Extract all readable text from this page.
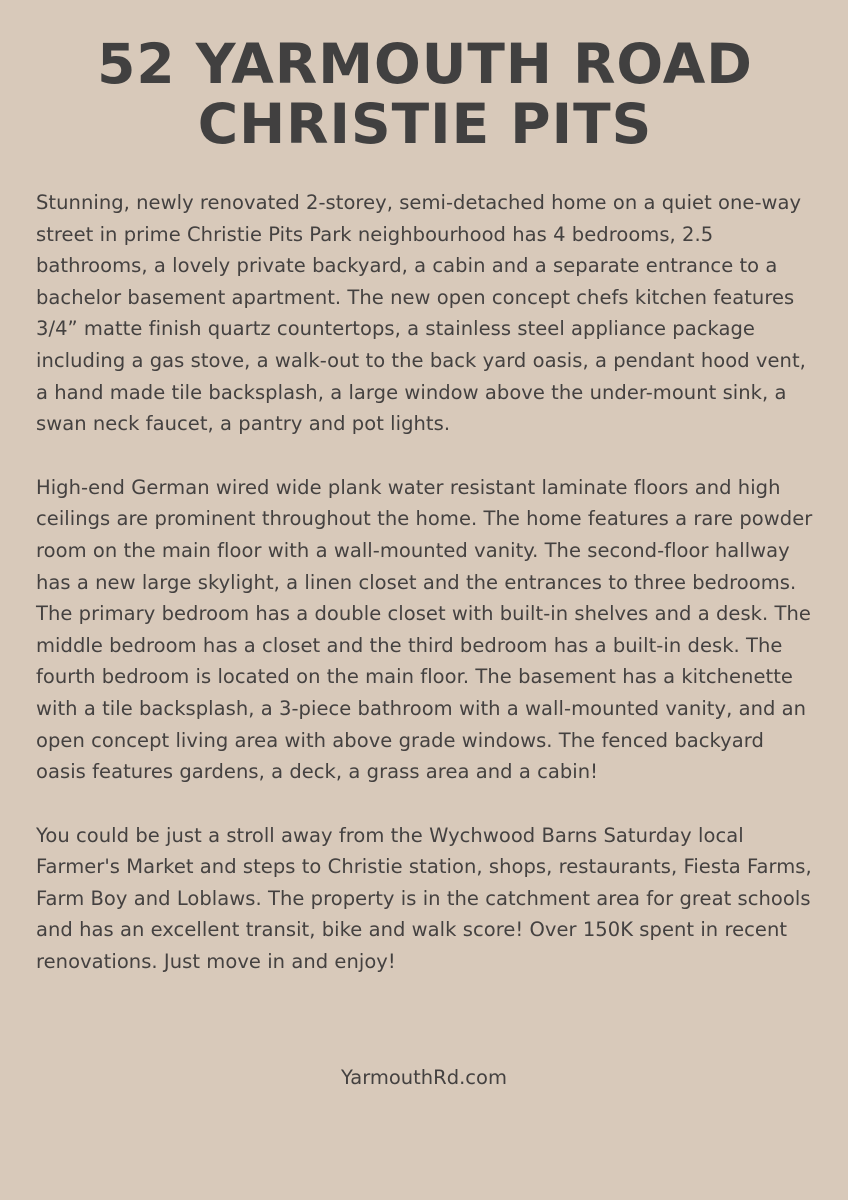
52 YARMOUTH ROAD
CHRISTIE PITS

Stunning, newly renovated 2-storey, semi-detached home on a quiet one-way street in prime Christie Pits Park neighbourhood has 4 bedrooms, 2.5 bathrooms, a lovely private backyard, a cabin and a separate entrance to a bachelor basement apartment. The new open concept chefs kitchen features 3/4” matte finish quartz countertops, a stainless steel appliance package including a gas stove, a walk-out to the back yard oasis, a pendant hood vent, a hand made tile backsplash, a large window above the under-mount sink, a swan neck faucet, a pantry and pot lights.

High-end German wired wide plank water resistant laminate floors and high ceilings are prominent throughout the home. The home features a rare powder room on the main floor with a wall-mounted vanity. The second-floor hallway has a new large skylight, a linen closet and the entrances to three bedrooms. The primary bedroom has a double closet with built-in shelves and a desk. The middle bedroom has a closet and the third bedroom has a built-in desk. The fourth bedroom is located on the main floor. The basement has a kitchenette with a tile backsplash, a 3-piece bathroom with a wall-mounted vanity, and an open concept living area with above grade windows. The fenced backyard oasis features gardens, a deck, a grass area and a cabin!

You could be just a stroll away from the Wychwood Barns Saturday local Farmer's Market and steps to Christie station, shops, restaurants, Fiesta Farms, Farm Boy and Loblaws. The property is in the catchment area for great schools and has an excellent transit, bike and walk score! Over 150K spent in recent renovations. Just move in and enjoy!

YarmouthRd.com
